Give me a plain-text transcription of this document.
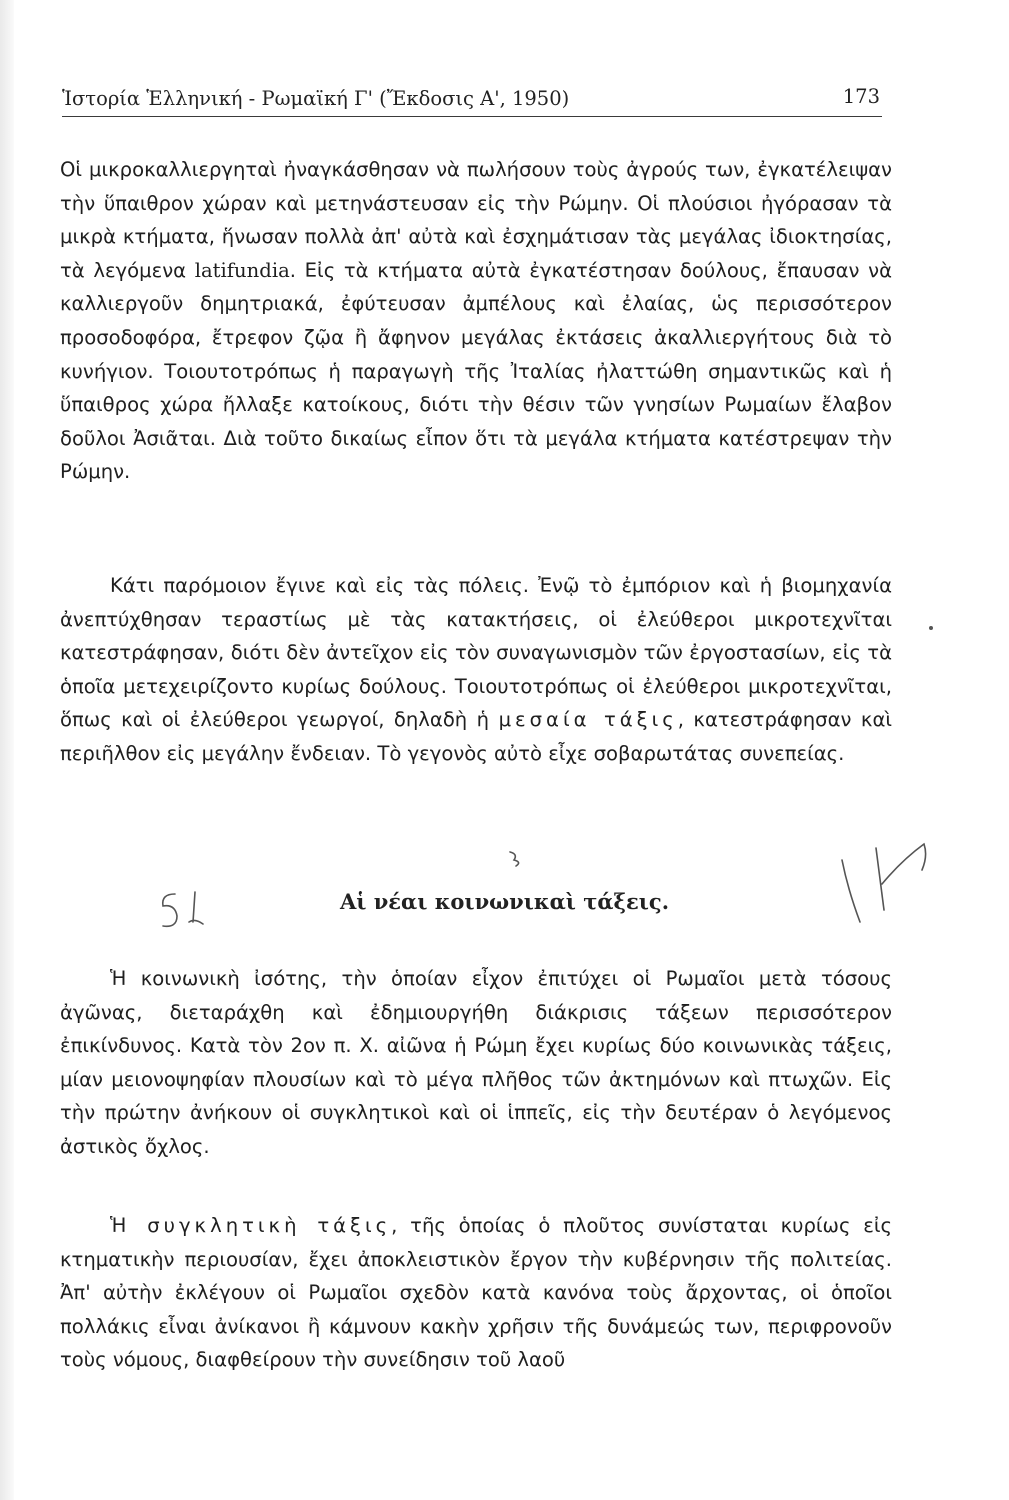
Ἱστορία Ἑλληνική - Ρωμαϊκή Γ' (Ἔκδοσις Α', 1950)	173

Οἱ μικροκαλλιεργηταὶ ἠναγκάσθησαν νὰ πωλήσουν τοὺς ἀγρούς των, ἐγκατέλειψαν τὴν ὕπαιθρον χώραν καὶ μετηνάστευσαν εἰς τὴν Ρώμην. Οἱ πλούσιοι ἠγόρασαν τὰ μικρὰ κτήματα, ἥνωσαν πολλὰ ἀπ' αὐτὰ καὶ ἐσχημάτισαν τὰς μεγάλας ἰδιοκτησίας, τὰ λεγόμενα latifundia. Εἰς τὰ κτήματα αὐτὰ ἐγκατέστησαν δούλους, ἔπαυσαν νὰ καλλιεργοῦν δημητριακά, ἐφύτευσαν ἀμπέλους καὶ ἐλαίας, ὡς περισσότερον προσοδοφόρα, ἔτρεφον ζῷα ἢ ἄφηνον μεγάλας ἐκτάσεις ἀκαλλιεργήτους διὰ τὸ κυνήγιον. Τοιουτοτρόπως ἡ παραγωγὴ τῆς Ἰταλίας ἠλαττώθη σημαντικῶς καὶ ἡ ὕπαιθρος χώρα ἤλλαξε κατοίκους, διότι τὴν θέσιν τῶν γνησίων Ρωμαίων ἔλαβον δοῦλοι Ἀσιᾶται. Διὰ τοῦτο δικαίως εἶπον ὅτι τὰ μεγάλα κτήματα κατέστρεψαν τὴν Ρώμην.

Κάτι παρόμοιον ἔγινε καὶ εἰς τὰς πόλεις. Ἐνῷ τὸ ἐμπόριον καὶ ἡ βιομηχανία ἀνεπτύχθησαν τεραστίως μὲ τὰς κατακτήσεις, οἱ ἐλεύθεροι μικροτεχνῖται κατεστράφησαν, διότι δὲν ἀντεῖχον εἰς τὸν συναγωνισμὸν τῶν ἐργοστασίων, εἰς τὰ ὁποῖα μετεχειρίζοντο κυρίως δούλους. Τοιουτοτρόπως οἱ ἐλεύθεροι μικροτεχνῖται, ὅπως καὶ οἱ ἐλεύθεροι γεωργοί, δηλαδὴ ἡ μεσαία τάξις, κατεστράφησαν καὶ περιῆλθον εἰς μεγάλην ἔνδειαν. Τὸ γεγονὸς αὐτὸ εἶχε σοβαρωτάτας συνεπείας.

Αἱ νέαι κοινωνικαὶ τάξεις.

Ἡ κοινωνικὴ ἰσότης, τὴν ὁποίαν εἶχον ἐπιτύχει οἱ Ρωμαῖοι μετὰ τόσους ἀγῶνας, διεταράχθη καὶ ἐδημιουργήθη διάκρισις τάξεων περισσότερον ἐπικίνδυνος. Κατὰ τὸν 2ον π. Χ. αἰῶνα ἡ Ρώμη ἔχει κυρίως δύο κοινωνικὰς τάξεις, μίαν μειονοψηφίαν πλουσίων καὶ τὸ μέγα πλῆθος τῶν ἀκτημόνων καὶ πτωχῶν. Εἰς τὴν πρώτην ἀνήκουν οἱ συγκλητικοὶ καὶ οἱ ἱππεῖς, εἰς τὴν δευτέραν ὁ λεγόμενος ἀστικὸς ὄχλος.

Ἡ συγκλητικὴ τάξις, τῆς ὁποίας ὁ πλοῦτος συνίσταται κυρίως εἰς κτηματικὴν περιουσίαν, ἔχει ἀποκλειστικὸν ἔργον τὴν κυβέρνησιν τῆς πολιτείας. Ἀπ' αὐτὴν ἐκλέγουν οἱ Ρωμαῖοι σχεδὸν κατὰ κανόνα τοὺς ἄρχοντας, οἱ ὁποῖοι πολλάκις εἶναι ἀνίκανοι ἢ κάμνουν κακὴν χρῆσιν τῆς δυνάμεώς των, περιφρονοῦν τοὺς νόμους, διαφθείρουν τὴν συνείδησιν τοῦ λαοῦ
